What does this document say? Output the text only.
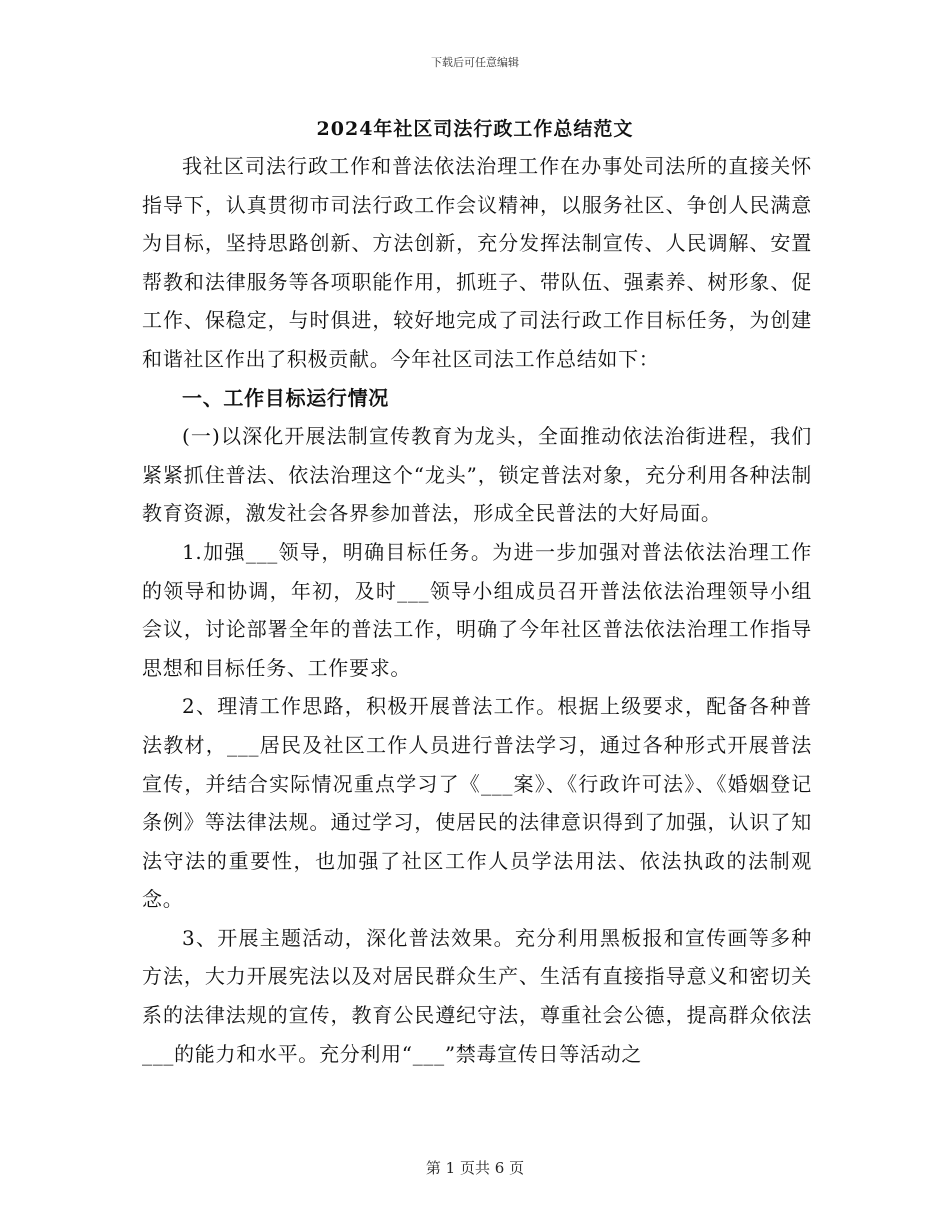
下载后可任意编辑
2024年社区司法行政工作总结范文

我社区司法行政工作和普法依法治理工作在办事处司法所的直接关怀指导下，认真贯彻市司法行政工作会议精神，以服务社区、争创人民满意为目标，坚持思路创新、方法创新，充分发挥法制宣传、人民调解、安置帮教和法律服务等各项职能作用，抓班子、带队伍、强素养、树形象、促工作、保稳定，与时俱进，较好地完成了司法行政工作目标任务，为创建和谐社区作出了积极贡献。今年社区司法工作总结如下：

一、工作目标运行情况

(一)以深化开展法制宣传教育为龙头，全面推动依法治街进程，我们紧紧抓住普法、依法治理这个“龙头”，锁定普法对象，充分利用各种法制教育资源，激发社会各界参加普法，形成全民普法的大好局面。

1.加强___领导，明确目标任务。为进一步加强对普法依法治理工作的领导和协调，年初，及时___领导小组成员召开普法依法治理领导小组会议，讨论部署全年的普法工作，明确了今年社区普法依法治理工作指导思想和目标任务、工作要求。

2、理清工作思路，积极开展普法工作。根据上级要求，配备各种普法教材，___居民及社区工作人员进行普法学习，通过各种形式开展普法宣传，并结合实际情况重点学习了《___案》、《行政许可法》、《婚姻登记条例》等法律法规。通过学习，使居民的法律意识得到了加强，认识了知法守法的重要性，也加强了社区工作人员学法用法、依法执政的法制观念。

3、开展主题活动，深化普法效果。充分利用黑板报和宣传画等多种方法，大力开展宪法以及对居民群众生产、生活有直接指导意义和密切关系的法律法规的宣传，教育公民遵纪守法，尊重社会公德，提高群众依法___的能力和水平。充分利用“___”禁毒宣传日等活动之

第 1 页共 6 页
